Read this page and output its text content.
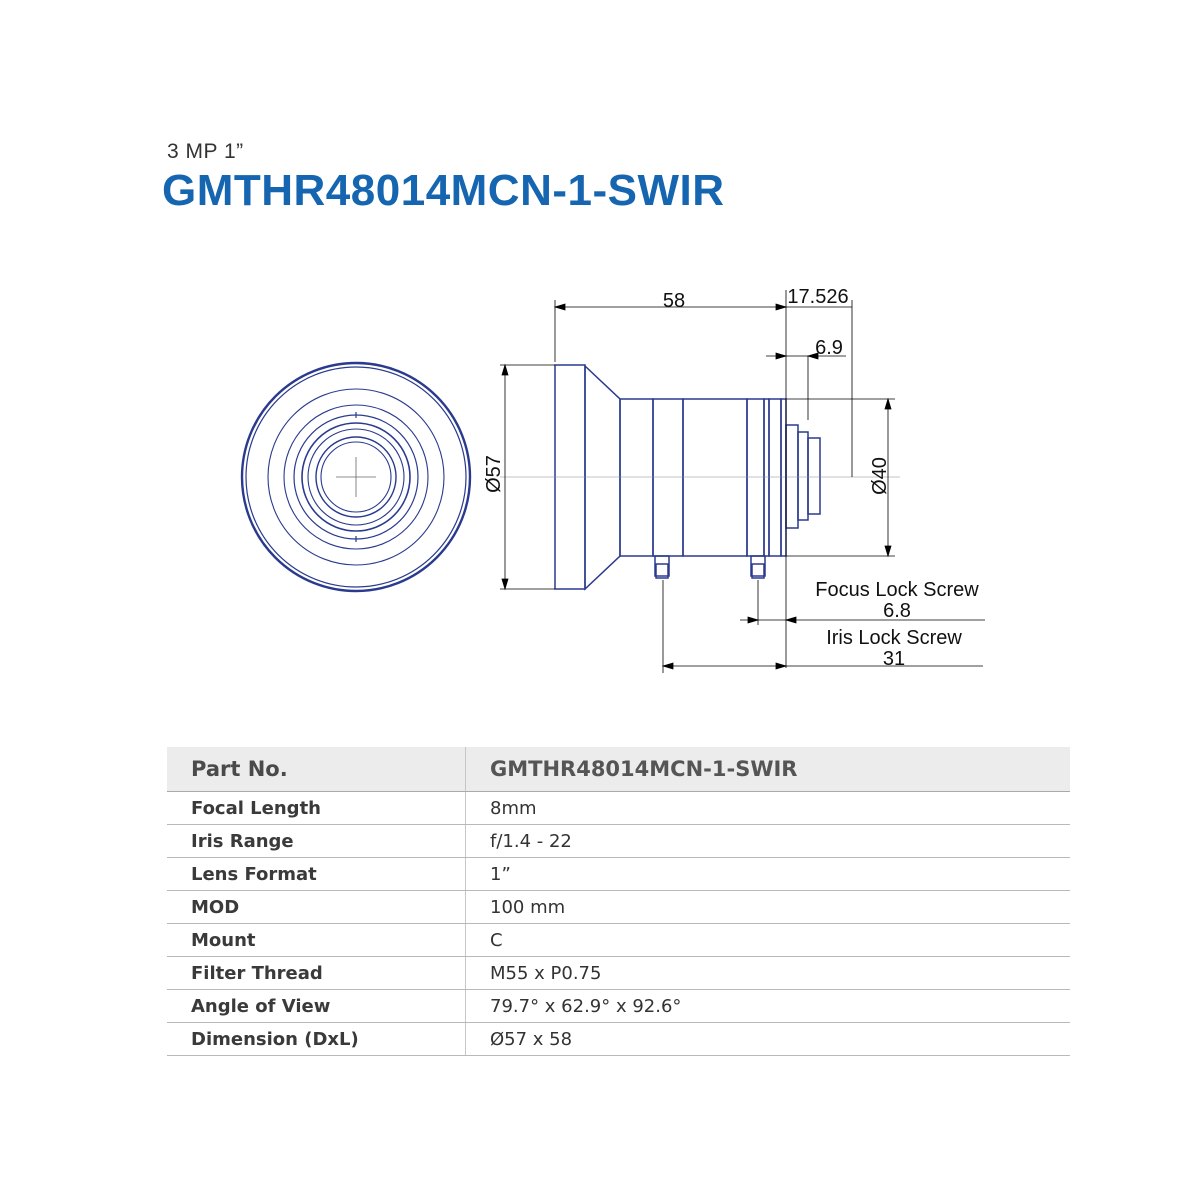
3 MP 1”
GMTHR48014MCN-1-SWIR
58	17.526
6.9
Ø57	Ø40
Focus Lock Screw
6.8
Iris Lock Screw
31
Part No.	GMTHR48014MCN-1-SWIR
Focal Length	8mm
Iris Range	f/1.4 - 22
Lens Format	1”
MOD	100 mm
Mount	C
Filter Thread	M55 x P0.75
Angle of View	79.7° x 62.9° x 92.6°
Dimension (DxL)	Ø57 x 58
